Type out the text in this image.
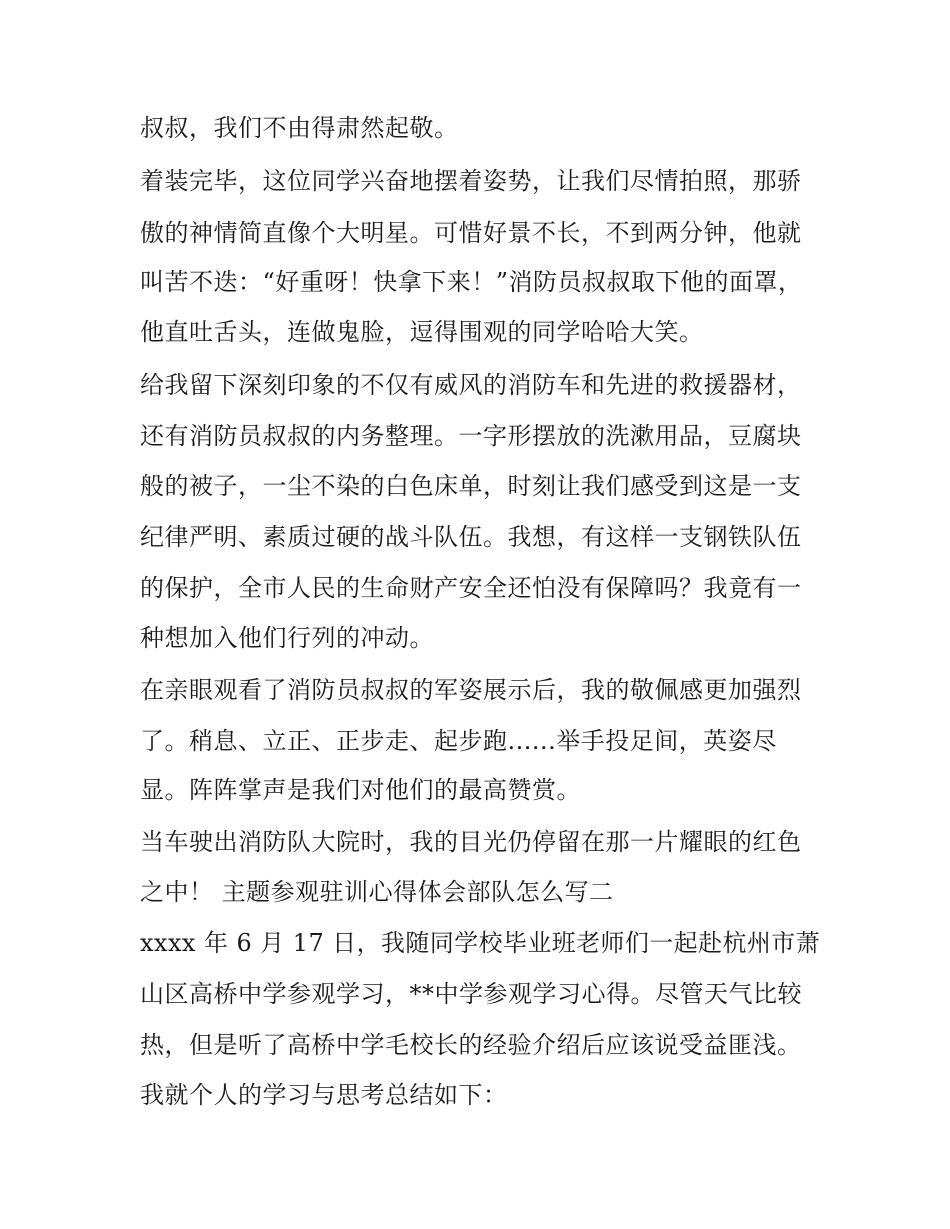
叔叔，我们不由得肃然起敬。
着装完毕，这位同学兴奋地摆着姿势，让我们尽情拍照，那骄
傲的神情简直像个大明星。可惜好景不长，不到两分钟，他就
叫苦不迭：“好重呀！快拿下来！”消防员叔叔取下他的面罩，
他直吐舌头，连做鬼脸，逗得围观的同学哈哈大笑。
给我留下深刻印象的不仅有威风的消防车和先进的救援器材，
还有消防员叔叔的内务整理。一字形摆放的洗漱用品，豆腐块
般的被子，一尘不染的白色床单，时刻让我们感受到这是一支
纪律严明、素质过硬的战斗队伍。我想，有这样一支钢铁队伍
的保护，全市人民的生命财产安全还怕没有保障吗？我竟有一
种想加入他们行列的冲动。
在亲眼观看了消防员叔叔的军姿展示后，我的敬佩感更加强烈
了。稍息、立正、正步走、起步跑......举手投足间，英姿尽
显。阵阵掌声是我们对他们的最高赞赏。
当车驶出消防队大院时，我的目光仍停留在那一片耀眼的红色
之中！ 主题参观驻训心得体会部队怎么写二
xxxx 年 6 月 17 日，我随同学校毕业班老师们一起赴杭州市萧
山区高桥中学参观学习，**中学参观学习心得。尽管天气比较
热，但是听了高桥中学毛校长的经验介绍后应该说受益匪浅。
我就个人的学习与思考总结如下：
